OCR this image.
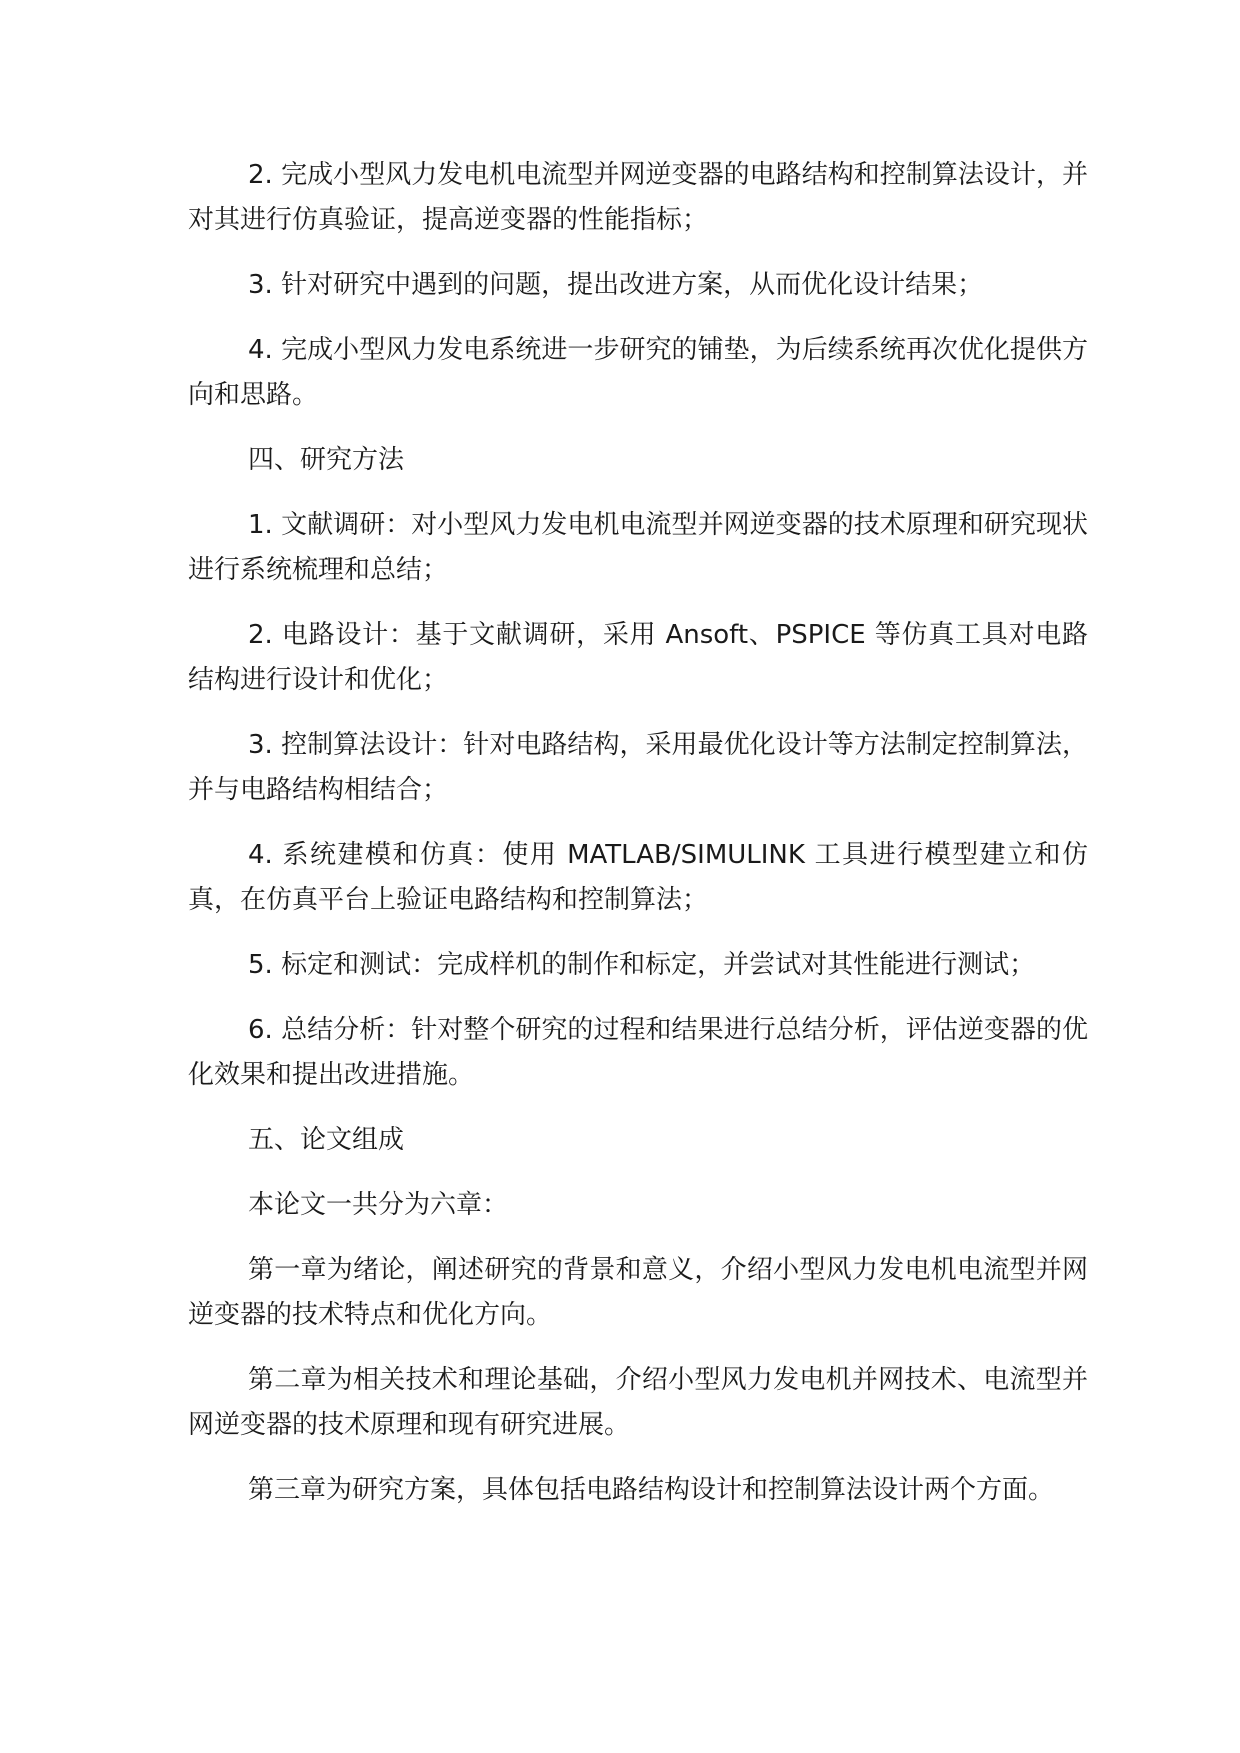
2. 完成小型风力发电机电流型并网逆变器的电路结构和控制算法设计，并对其进行仿真验证，提高逆变器的性能指标；

3. 针对研究中遇到的问题，提出改进方案，从而优化设计结果；

4. 完成小型风力发电系统进一步研究的铺垫，为后续系统再次优化提供方向和思路。

四、研究方法

1. 文献调研：对小型风力发电机电流型并网逆变器的技术原理和研究现状进行系统梳理和总结；

2. 电路设计：基于文献调研，采用 Ansoft、PSPICE 等仿真工具对电路结构进行设计和优化；

3. 控制算法设计：针对电路结构，采用最优化设计等方法制定控制算法，并与电路结构相结合；

4. 系统建模和仿真：使用 MATLAB/SIMULINK 工具进行模型建立和仿真，在仿真平台上验证电路结构和控制算法；

5. 标定和测试：完成样机的制作和标定，并尝试对其性能进行测试；

6. 总结分析：针对整个研究的过程和结果进行总结分析，评估逆变器的优化效果和提出改进措施。

五、论文组成

本论文一共分为六章：

第一章为绪论，阐述研究的背景和意义，介绍小型风力发电机电流型并网逆变器的技术特点和优化方向。

第二章为相关技术和理论基础，介绍小型风力发电机并网技术、电流型并网逆变器的技术原理和现有研究进展。

第三章为研究方案，具体包括电路结构设计和控制算法设计两个方面。
